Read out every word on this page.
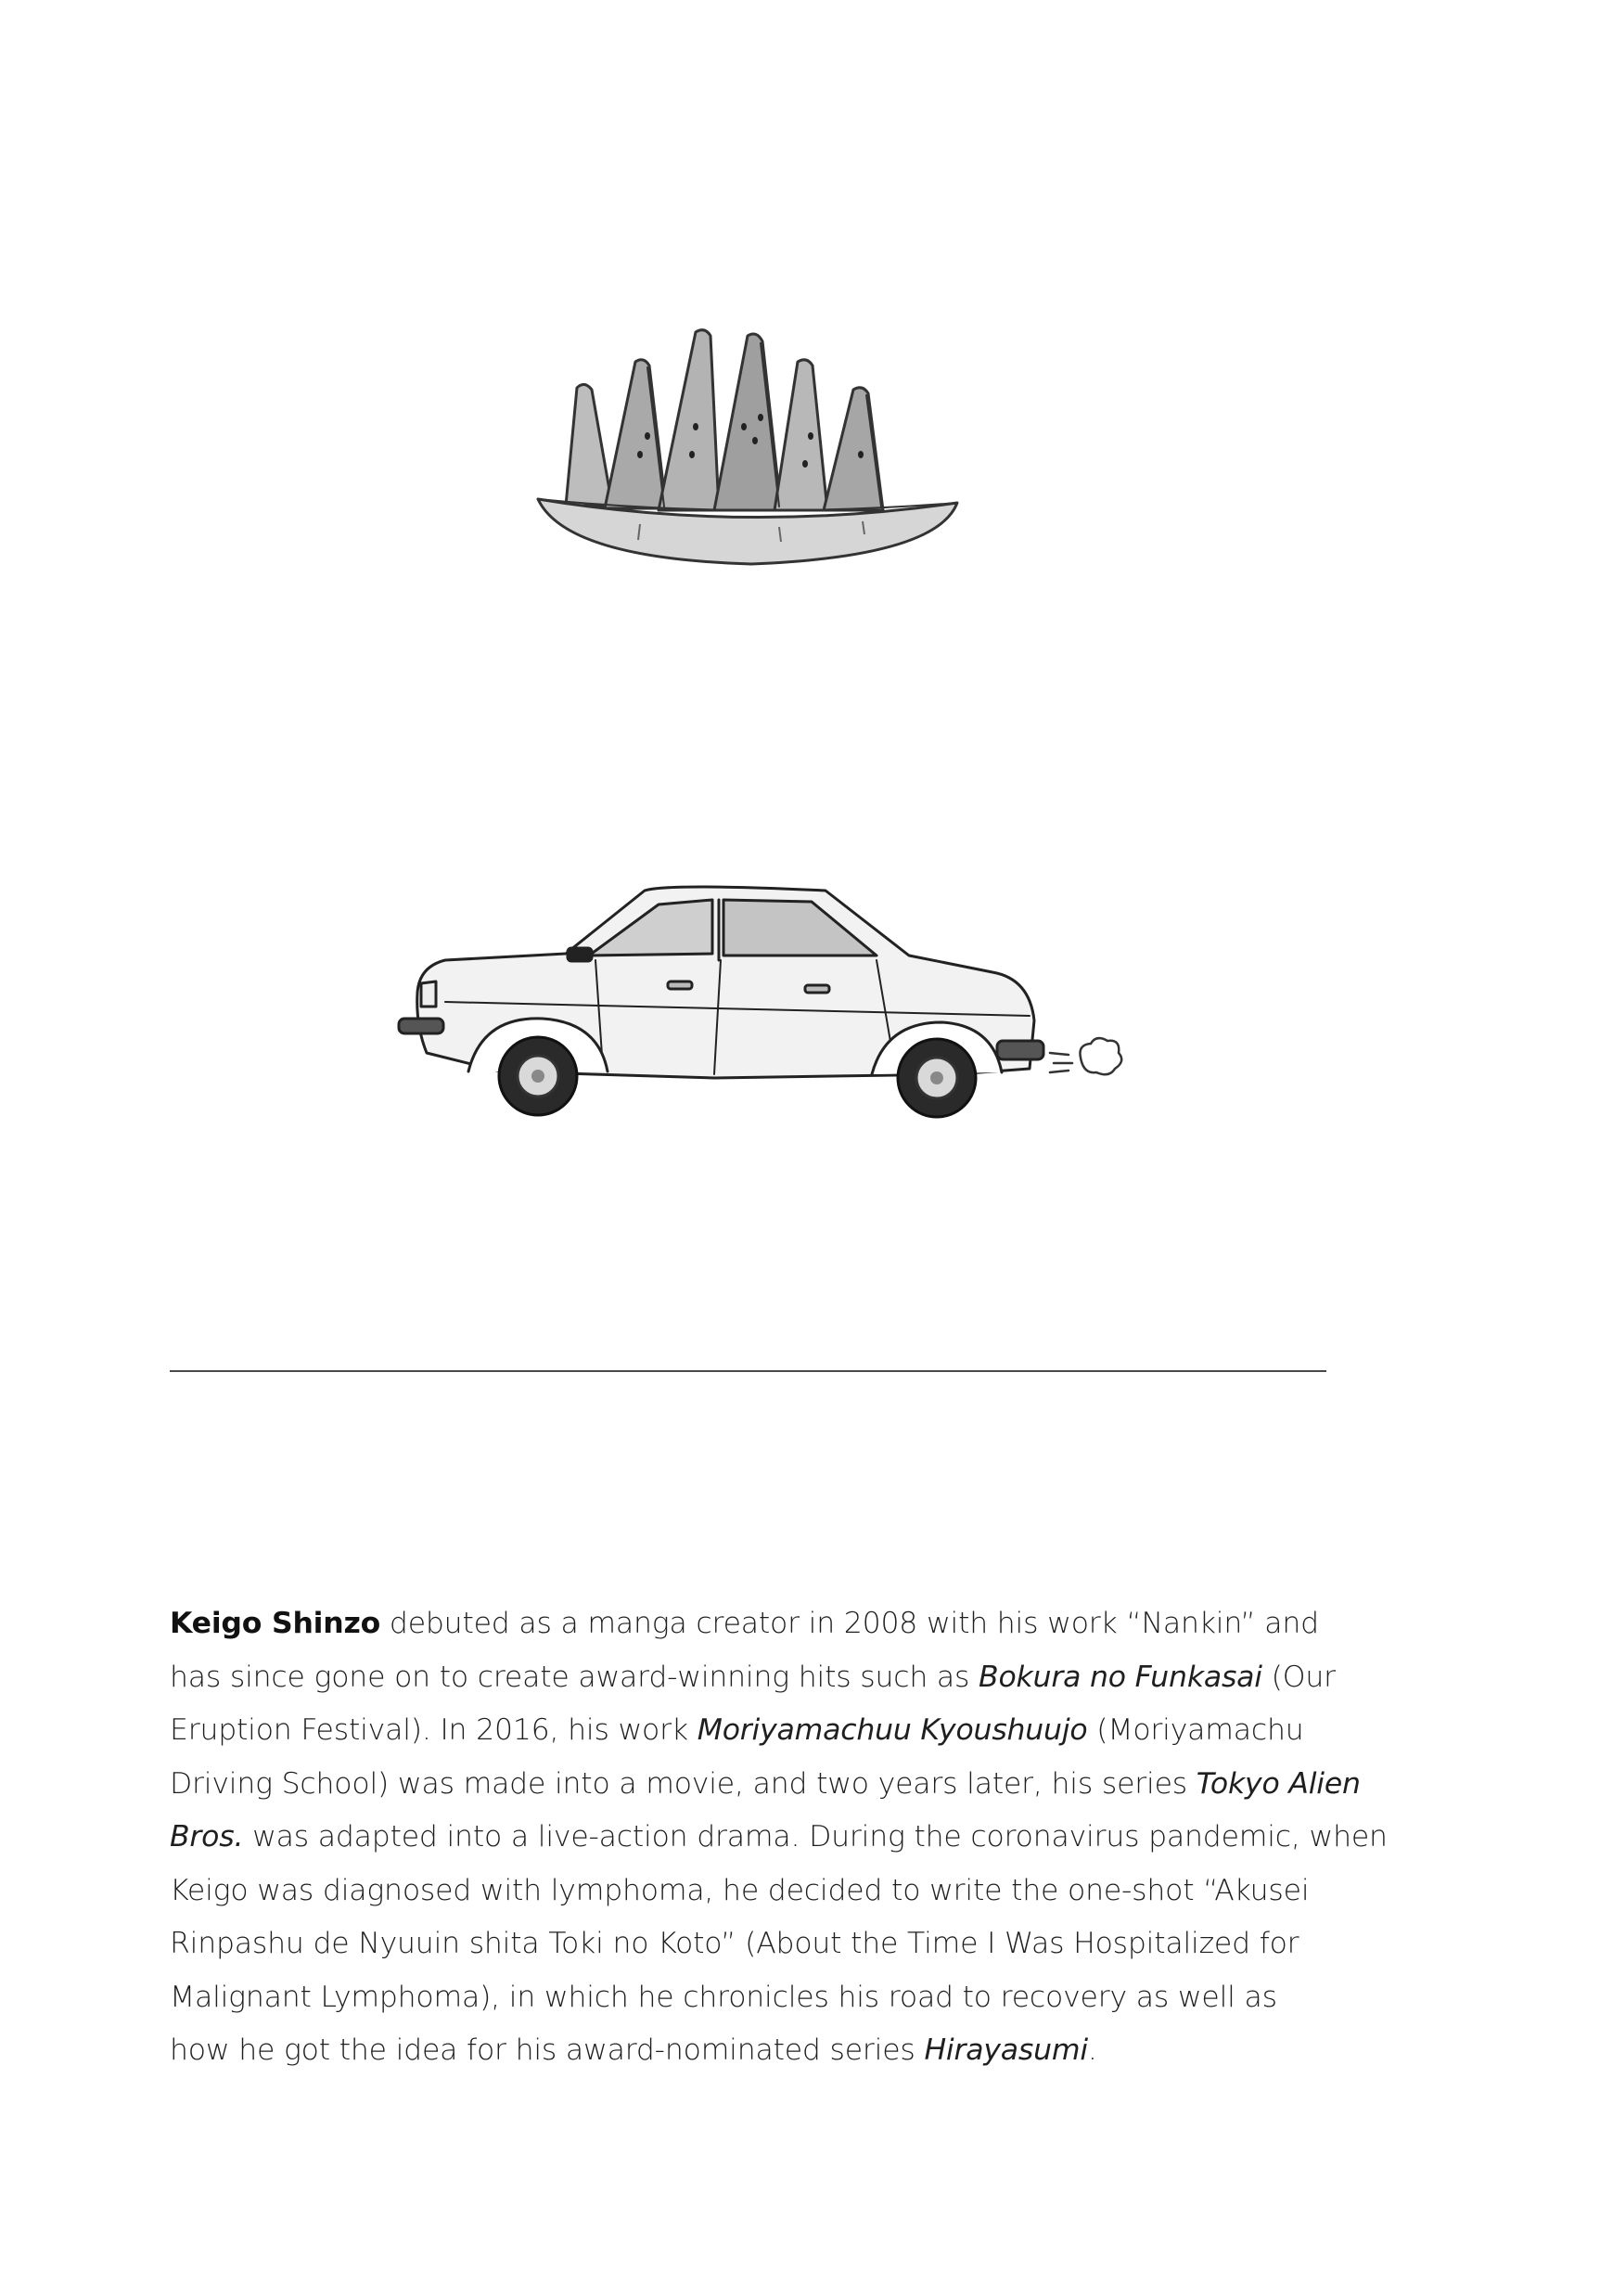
Keigo Shinzo debuted as a manga creator in 2008 with his work “Nankin” and
has since gone on to create award-winning hits such as Bokura no Funkasai (Our
Eruption Festival). In 2016, his work Moriyamachuu Kyoushuujo (Moriyamachu
Driving School) was made into a movie, and two years later, his series Tokyo Alien
Bros. was adapted into a live-action drama. During the coronavirus pandemic, when
Keigo was diagnosed with lymphoma, he decided to write the one-shot “Akusei
Rinpashu de Nyuuin shita Toki no Koto” (About the Time I Was Hospitalized for
Malignant Lymphoma), in which he chronicles his road to recovery as well as
how he got the idea for his award-nominated series Hirayasumi.
